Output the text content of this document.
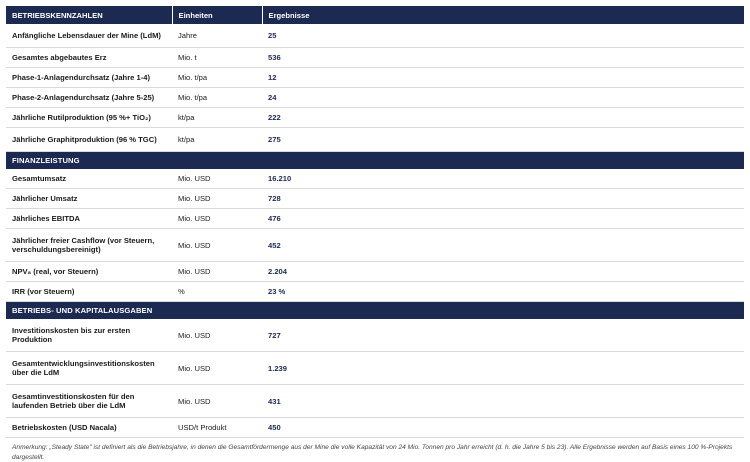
BETRIEBSKENNZAHLEN	Einheiten	Ergebnisse
Anfängliche Lebensdauer der Mine (LdM)	Jahre	25
Gesamtes abgebautes Erz	Mio. t	536
Phase-1-Anlagendurchsatz (Jahre 1-4)	Mio. t/pa	12
Phase-2-Anlagendurchsatz (Jahre 5-25)	Mio. t/pa	24
Jährliche Rutilproduktion (95 %+ TiO₂)	kt/pa	222
Jährliche Graphitproduktion (96 % TGC)	kt/pa	275
FINANZLEISTUNG		
Gesamtumsatz	Mio. USD	16.210
Jährlicher Umsatz	Mio. USD	728
Jährliches EBITDA	Mio. USD	476
Jährlicher freier Cashflow (vor Steuern, verschuldungsbereinigt)	Mio. USD	452
NPV₈ (real, vor Steuern)	Mio. USD	2.204
IRR (vor Steuern)	%	23 %
BETRIEBS- UND KAPITALAUSGABEN		
Investitionskosten bis zur ersten Produktion	Mio. USD	727
Gesamtentwicklungsinvestitionskosten über die LdM	Mio. USD	1.239
Gesamtinvestitionskosten für den laufenden Betrieb über die LdM	Mio. USD	431
Betriebskosten (USD Nacala)	USD/t Produkt	450
Anmerkung: „Steady State" ist definiert als die Betriebsjahre, in denen die Gesamtfördermenge aus der Mine die volle Kapazität von 24 Mio. Tonnen pro Jahr erreicht (d. h. die Jahre 5 bis 23). Alle Ergebnisse werden auf Basis eines 100 %-Projekts dargestellt.
